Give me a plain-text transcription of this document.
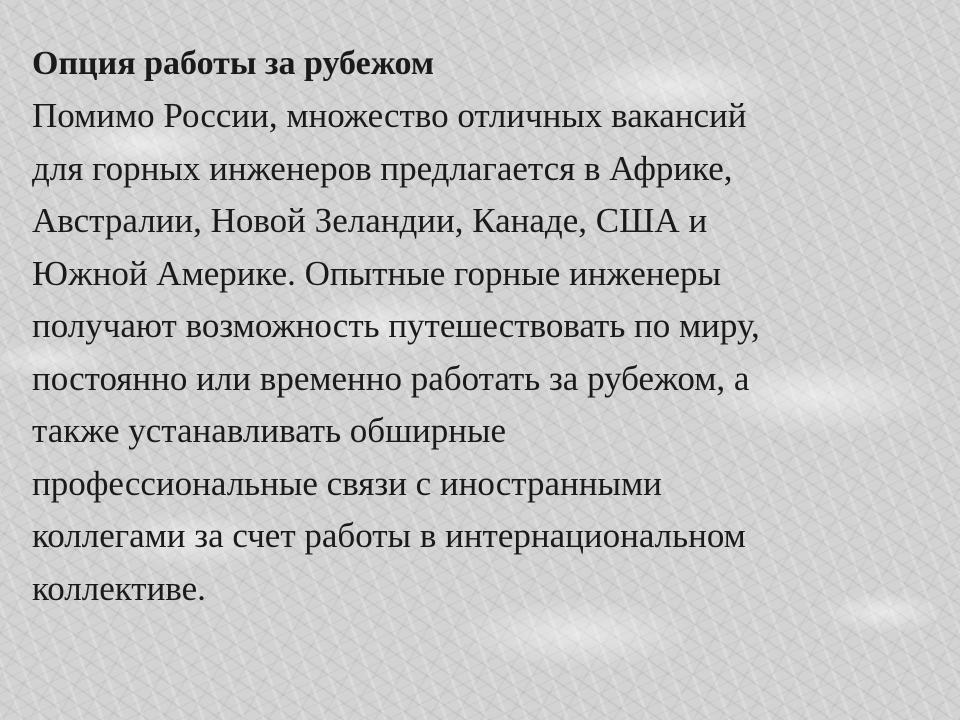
Опция работы за рубежом
Помимо России, множество отличных вакансий
для горных инженеров предлагается в Африке,
Австралии, Новой Зеландии, Канаде, США и
Южной Америке. Опытные горные инженеры
получают возможность путешествовать по миру,
постоянно или временно работать за рубежом, а
также устанавливать обширные
профессиональные связи с иностранными
коллегами за счет работы в интернациональном
коллективе.
